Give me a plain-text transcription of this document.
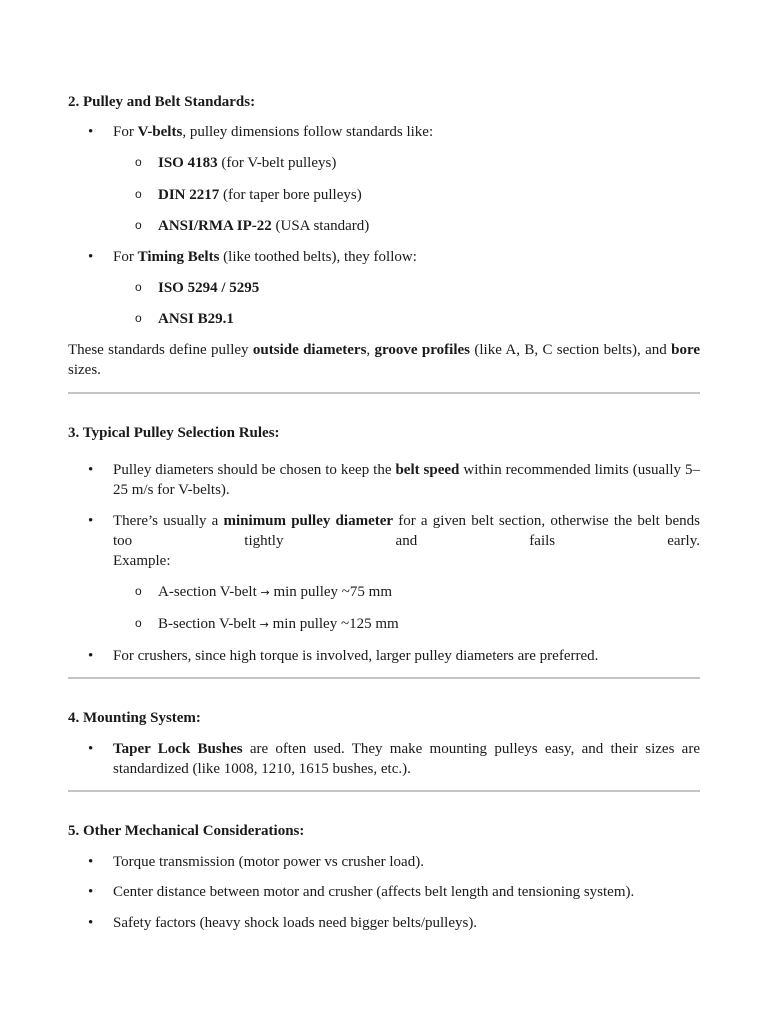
2. Pulley and Belt Standards:
• For V-belts, pulley dimensions follow standards like:
o ISO 4183 (for V-belt pulleys)
o DIN 2217 (for taper bore pulleys)
o ANSI/RMA IP-22 (USA standard)
• For Timing Belts (like toothed belts), they follow:
o ISO 5294 / 5295
o ANSI B29.1

These standards define pulley outside diameters, groove profiles (like A, B, C section belts), and bore sizes.

3. Typical Pulley Selection Rules:
• Pulley diameters should be chosen to keep the belt speed within recommended limits (usually 5–25 m/s for V-belts).
• There’s usually a minimum pulley diameter for a given belt section, otherwise the belt bends too tightly and fails early.
Example:
o A-section V-belt → min pulley ~75 mm
o B-section V-belt → min pulley ~125 mm
• For crushers, since high torque is involved, larger pulley diameters are preferred.
4. Mounting System:
• Taper Lock Bushes are often used. They make mounting pulleys easy, and their sizes are standardized (like 1008, 1210, 1615 bushes, etc.).
5. Other Mechanical Considerations:
• Torque transmission (motor power vs crusher load).
• Center distance between motor and crusher (affects belt length and tensioning system).
• Safety factors (heavy shock loads need bigger belts/pulleys).
